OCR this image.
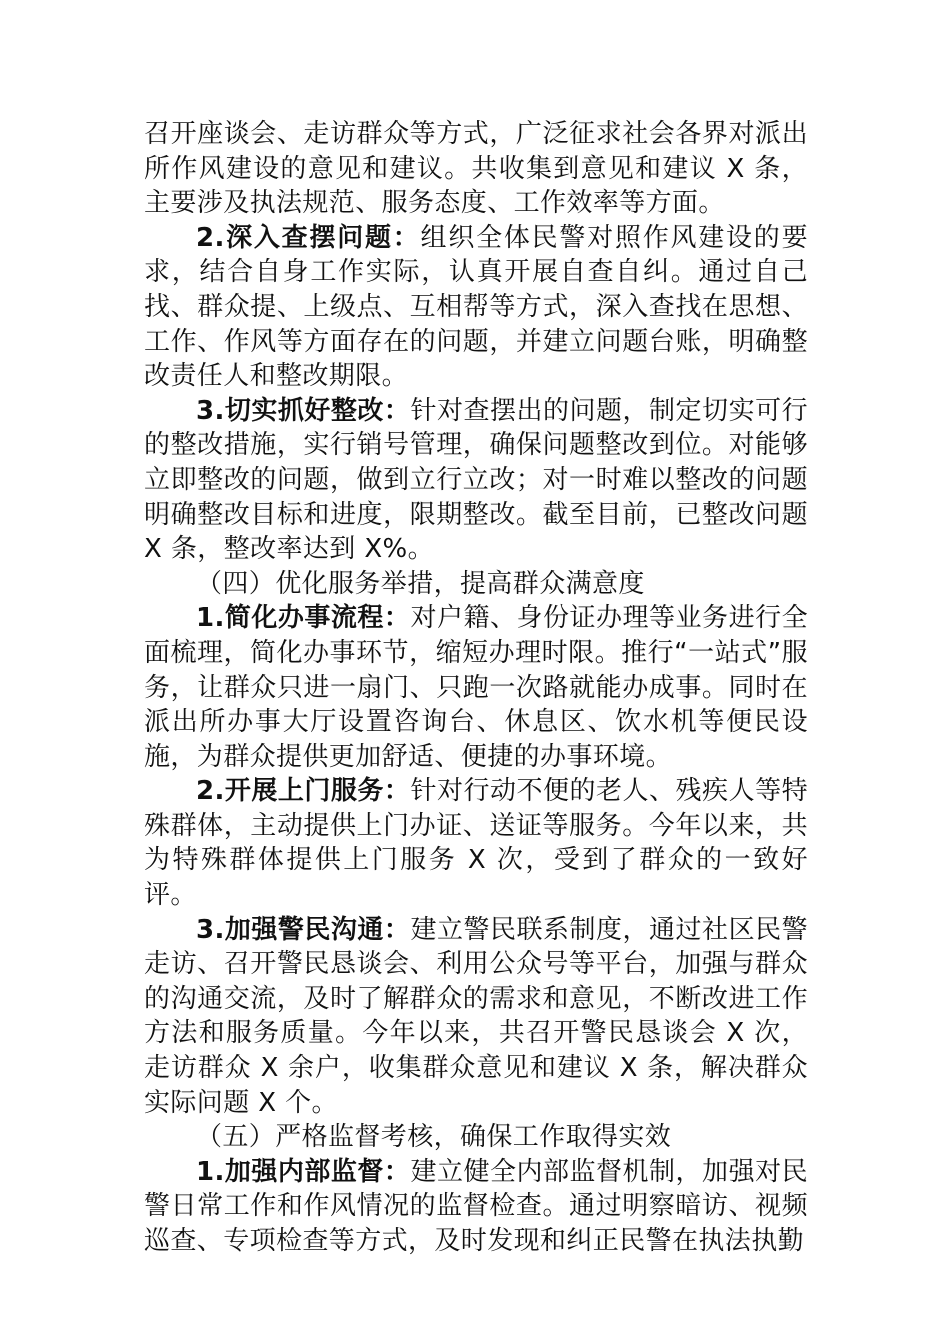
召开座谈会、走访群众等方式，广泛征求社会各界对派出所作风建设的意见和建议。共收集到意见和建议 X 条，主要涉及执法规范、服务态度、工作效率等方面。

2.深入查摆问题：组织全体民警对照作风建设的要求，结合自身工作实际，认真开展自查自纠。通过自己找、群众提、上级点、互相帮等方式，深入查找在思想、工作、作风等方面存在的问题，并建立问题台账，明确整改责任人和整改期限。

3.切实抓好整改：针对查摆出的问题，制定切实可行的整改措施，实行销号管理，确保问题整改到位。对能够立即整改的问题，做到立行立改；对一时难以整改的问题明确整改目标和进度，限期整改。截至目前，已整改问题 X 条，整改率达到 X%。

（四）优化服务举措，提高群众满意度

1.简化办事流程：对户籍、身份证办理等业务进行全面梳理，简化办事环节，缩短办理时限。推行“一站式”服务，让群众只进一扇门、只跑一次路就能办成事。同时在派出所办事大厅设置咨询台、休息区、饮水机等便民设施，为群众提供更加舒适、便捷的办事环境。

2.开展上门服务：针对行动不便的老人、残疾人等特殊群体，主动提供上门办证、送证等服务。今年以来，共为特殊群体提供上门服务 X 次，受到了群众的一致好评。

3.加强警民沟通：建立警民联系制度，通过社区民警走访、召开警民恳谈会、利用公众号等平台，加强与群众的沟通交流，及时了解群众的需求和意见，不断改进工作方法和服务质量。今年以来，共召开警民恳谈会 X 次，走访群众 X 余户，收集群众意见和建议 X 条，解决群众实际问题 X 个。

（五）严格监督考核，确保工作取得实效

1.加强内部监督：建立健全内部监督机制，加强对民警日常工作和作风情况的监督检查。通过明察暗访、视频巡查、专项检查等方式，及时发现和纠正民警在执法执勤
